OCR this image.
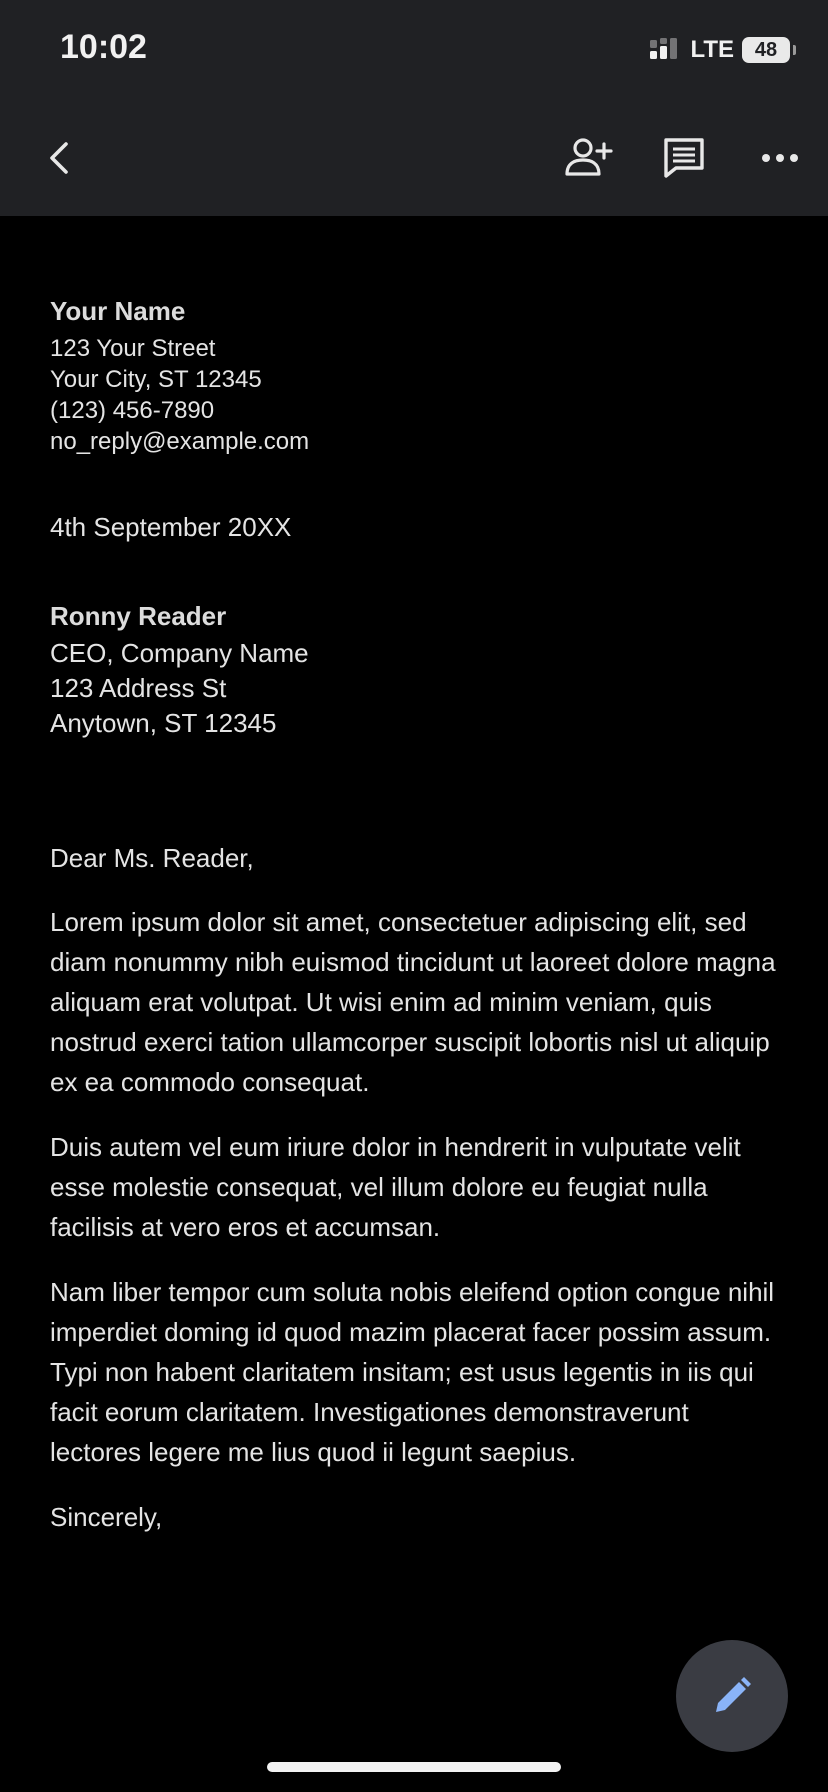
10:02	LTE 48
Your Name
123 Your Street
Your City, ST 12345
(123) 456-7890
no_reply@example.com
4th September 20XX
Ronny Reader
CEO, Company Name
123 Address St
Anytown, ST 12345
Dear Ms. Reader,

Lorem ipsum dolor sit amet, consectetuer adipiscing elit, sed diam nonummy nibh euismod tincidunt ut laoreet dolore magna aliquam erat volutpat. Ut wisi enim ad minim veniam, quis nostrud exerci tation ullamcorper suscipit lobortis nisl ut aliquip ex ea commodo consequat.

Duis autem vel eum iriure dolor in hendrerit in vulputate velit esse molestie consequat, vel illum dolore eu feugiat nulla facilisis at vero eros et accumsan.

Nam liber tempor cum soluta nobis eleifend option congue nihil imperdiet doming id quod mazim placerat facer possim assum. Typi non habent claritatem insitam; est usus legentis in iis qui facit eorum claritatem. Investigationes demonstraverunt lectores legere me lius quod ii legunt saepius.

Sincerely,
